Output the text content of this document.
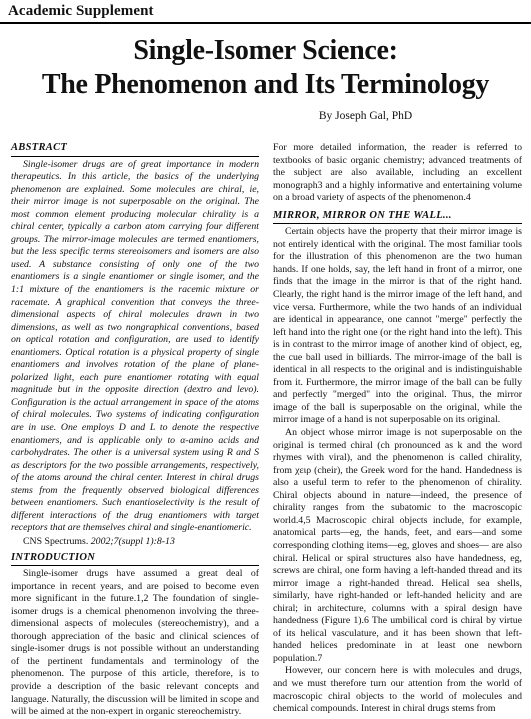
Academic Supplement
Single-Isomer Science:
The Phenomenon and Its Terminology
By Joseph Gal, PhD
ABSTRACT

Single-isomer drugs are of great importance in modern therapeutics. In this article, the basics of the underlying phenomenon are explained. Some molecules are chiral, ie, their mirror image is not superposable on the original. The most common element producing molecular chirality is a chiral center, typically a carbon atom carrying four different groups. The mirror-image molecules are termed enantiomers, but the less specific terms stereoisomers and isomers are also used. A substance consisting of only one of the two enantiomers is a single enantiomer or single isomer, and the 1:1 mixture of the enantiomers is the racemic mixture or racemate. A graphical convention that conveys the three-dimensional aspects of chiral molecules drawn in two dimensions, as well as two nongraphical conventions, based on optical rotation and configuration, are used to identify enantiomers. Optical rotation is a physical property of single enantiomers and involves rotation of the plane of plane-polarized light, each pure enantiomer rotating with equal magnitude but in the opposite direction (dextro and levo). Configuration is the actual arrangement in space of the atoms of chiral molecules. Two systems of indicating configuration are in use. One employs D and L to denote the respective enantiomers, and is applicable only to α-amino acids and carbohydrates. The other is a universal system using R and S as descriptors for the two possible arrangements, respectively, of the atoms around the chiral center. Interest in chiral drugs stems from the frequently observed biological differences between enantiomers. Such enantioselectivity is the result of different interactions of the drug enantiomers with target receptors that are themselves chiral and single-enantiomeric.

CNS Spectrums. 2002;7(suppl 1):8-13

INTRODUCTION

Single-isomer drugs have assumed a great deal of importance in recent years, and are poised to become even more significant in the future.1,2 The foundation of single-isomer drugs is a chemical phenomenon involving the three-dimensional aspects of molecules (stereochemistry), and a thorough appreciation of the basic and clinical sciences of single-isomer drugs is not possible without an understanding of the pertinent fundamentals and terminology of the phenomenon. The purpose of this article, therefore, is to provide a description of the basic relevant concepts and language. Naturally, the discussion will be limited in scope and will be aimed at the non-expert in organic stereochemistry.

For more detailed information, the reader is referred to textbooks of basic organic chemistry; advanced treatments of the subject are also available, including an excellent monograph3 and a highly informative and entertaining volume on a broad variety of aspects of the phenomenon.4

MIRROR, MIRROR ON THE WALL...

Certain objects have the property that their mirror image is not entirely identical with the original. The most familiar tools for the illustration of this phenomenon are the two human hands. If one holds, say, the left hand in front of a mirror, one finds that the image in the mirror is that of the right hand. Clearly, the right hand is the mirror image of the left hand, and vice versa. Furthermore, while the two hands of an individual are identical in appearance, one cannot "merge" perfectly the left hand into the right one (or the right hand into the left). This is in contrast to the mirror image of another kind of object, eg, the cue ball used in billiards. The mirror-image of the ball is identical in all respects to the original and is indistinguishable from it. Furthermore, the mirror image of the ball can be fully and perfectly "merged" into the original. Thus, the mirror image of the ball is superposable on the original, while the mirror image of a hand is not superposable on its original.

An object whose mirror image is not superposable on the original is termed chiral (ch pronounced as k and the word rhymes with viral), and the phenomenon is called chirality, from χειρ (cheir), the Greek word for the hand. Handedness is also a useful term to refer to the phenomenon of chirality. Chiral objects abound in nature—indeed, the presence of chirality ranges from the subatomic to the macroscopic world.4,5 Macroscopic chiral objects include, for example, anatomical parts—eg, the hands, feet, and ears—and some corresponding clothing items—eg, gloves and shoes— are also chiral. Helical or spiral structures also have handedness, eg, screws are chiral, one form having a left-handed thread and its mirror image a right-handed thread. Helical sea shells, similarly, have right-handed or left-handed helicity and are chiral; in architecture, columns with a spiral design have handedness (Figure 1).6 The umbilical cord is chiral by virtue of its helical vasculature, and it has been shown that left-handed helices predominate in at least one newborn population.7

However, our concern here is with molecules and drugs, and we must therefore turn our attention from the world of macroscopic chiral objects to the world of molecules and chemical compounds. Interest in chiral drugs stems from
